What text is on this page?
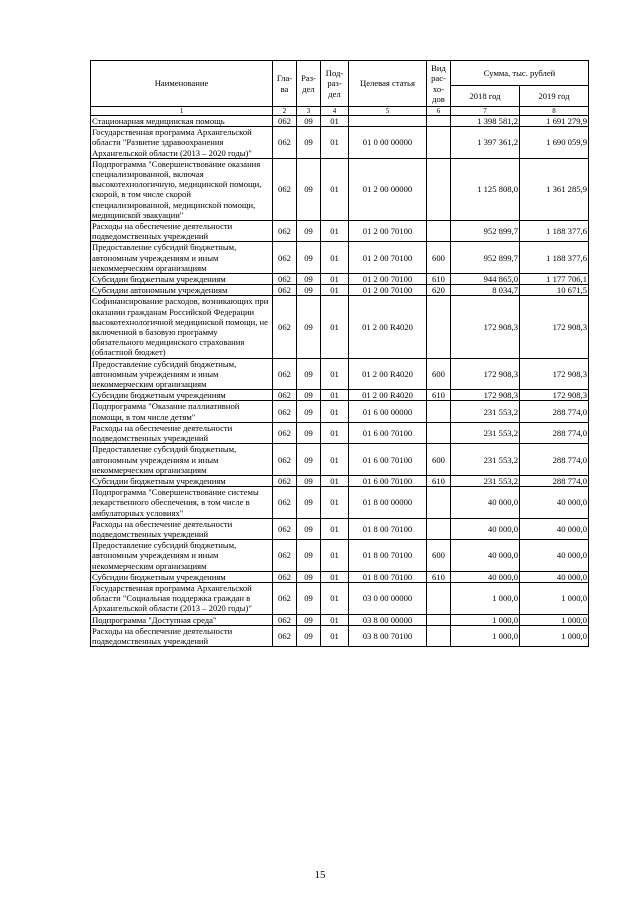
Наименование	Гла-ва	Раз-дел	Под-раз-дел	Целевая статья	Вид рас-хо-дов	Сумма, тыс. рублей	
						2018 год	2019 год
1	2	3	4	5	6	7	8
Стационарная медицинская помощь	062	09	01			1 398 581,2	1 691 279,9
Государственная программа Архангельской области "Развитие здравоохранения Архангельской области (2013 – 2020 годы)"	062	09	01	01 0 00 00000		1 397 361,2	1 690 059,9
Подпрограмма "Совершенствование оказания специализированной, включая высокотехнологичную, медицинской помощи, скорой, в том числе скорой специализированной, медицинской помощи, медицинской эвакуации"	062	09	01	01 2 00 00000		1 125 808,0	1 361 285,9
Расходы на обеспечение деятельности подведомственных учреждений	062	09	01	01 2 00 70100		952 899,7	1 188 377,6
Предоставление субсидий бюджетным, автономным учреждениям и иным некоммерческим организациям	062	09	01	01 2 00 70100	600	952 899,7	1 188 377,6
Субсидии бюджетным учреждениям	062	09	01	01 2 00 70100	610	944 865,0	1 177 706,1
Субсидии автономным учреждениям	062	09	01	01 2 00 70100	620	8 034,7	10 671,5
Софинансирование расходов, возникающих при оказании гражданам Российской Федерации высокотехнологичной медицинской помощи, не включенной в базовую программу обязательного медицинского страхования (областной бюджет)	062	09	01	01 2 00 R4020		172 908,3	172 908,3
Предоставление субсидий бюджетным, автономным учреждениям и иным некоммерческим организациям	062	09	01	01 2 00 R4020	600	172 908,3	172 908,3
Субсидии бюджетным учреждениям	062	09	01	01 2 00 R4020	610	172 908,3	172 908,3
Подпрограмма "Оказание паллиативной помощи, в том числе детям"	062	09	01	01 6 00 00000		231 553,2	288 774,0
Расходы на обеспечение деятельности подведомственных учреждений	062	09	01	01 6 00 70100		231 553,2	288 774,0
Предоставление субсидий бюджетным, автономным учреждениям и иным некоммерческим организациям	062	09	01	01 6 00 70100	600	231 553,2	288 774,0
Субсидии бюджетным учреждениям	062	09	01	01 6 00 70100	610	231 553,2	288 774,0
Подпрограмма "Совершенствование системы лекарственного обеспечения, в том числе в амбулаторных условиях"	062	09	01	01 8 00 00000		40 000,0	40 000,0
Расходы на обеспечение деятельности подведомственных учреждений	062	09	01	01 8 00 70100		40 000,0	40 000,0
Предоставление субсидий бюджетным, автономным учреждениям и иным некоммерческим организациям	062	09	01	01 8 00 70100	600	40 000,0	40 000,0
Субсидии бюджетным учреждениям	062	09	01	01 8 00 70100	610	40 000,0	40 000,0
Государственная программа Архангельской области "Социальная поддержка граждан в Архангельской области (2013 – 2020 годы)"	062	09	01	03 0 00 00000		1 000,0	1 000,0
Подпрограмма "Доступная среда"	062	09	01	03 8 00 00000		1 000,0	1 000,0
Расходы на обеспечение деятельности подведомственных учреждений	062	09	01	03 8 00 70100		1 000,0	1 000,0
15
